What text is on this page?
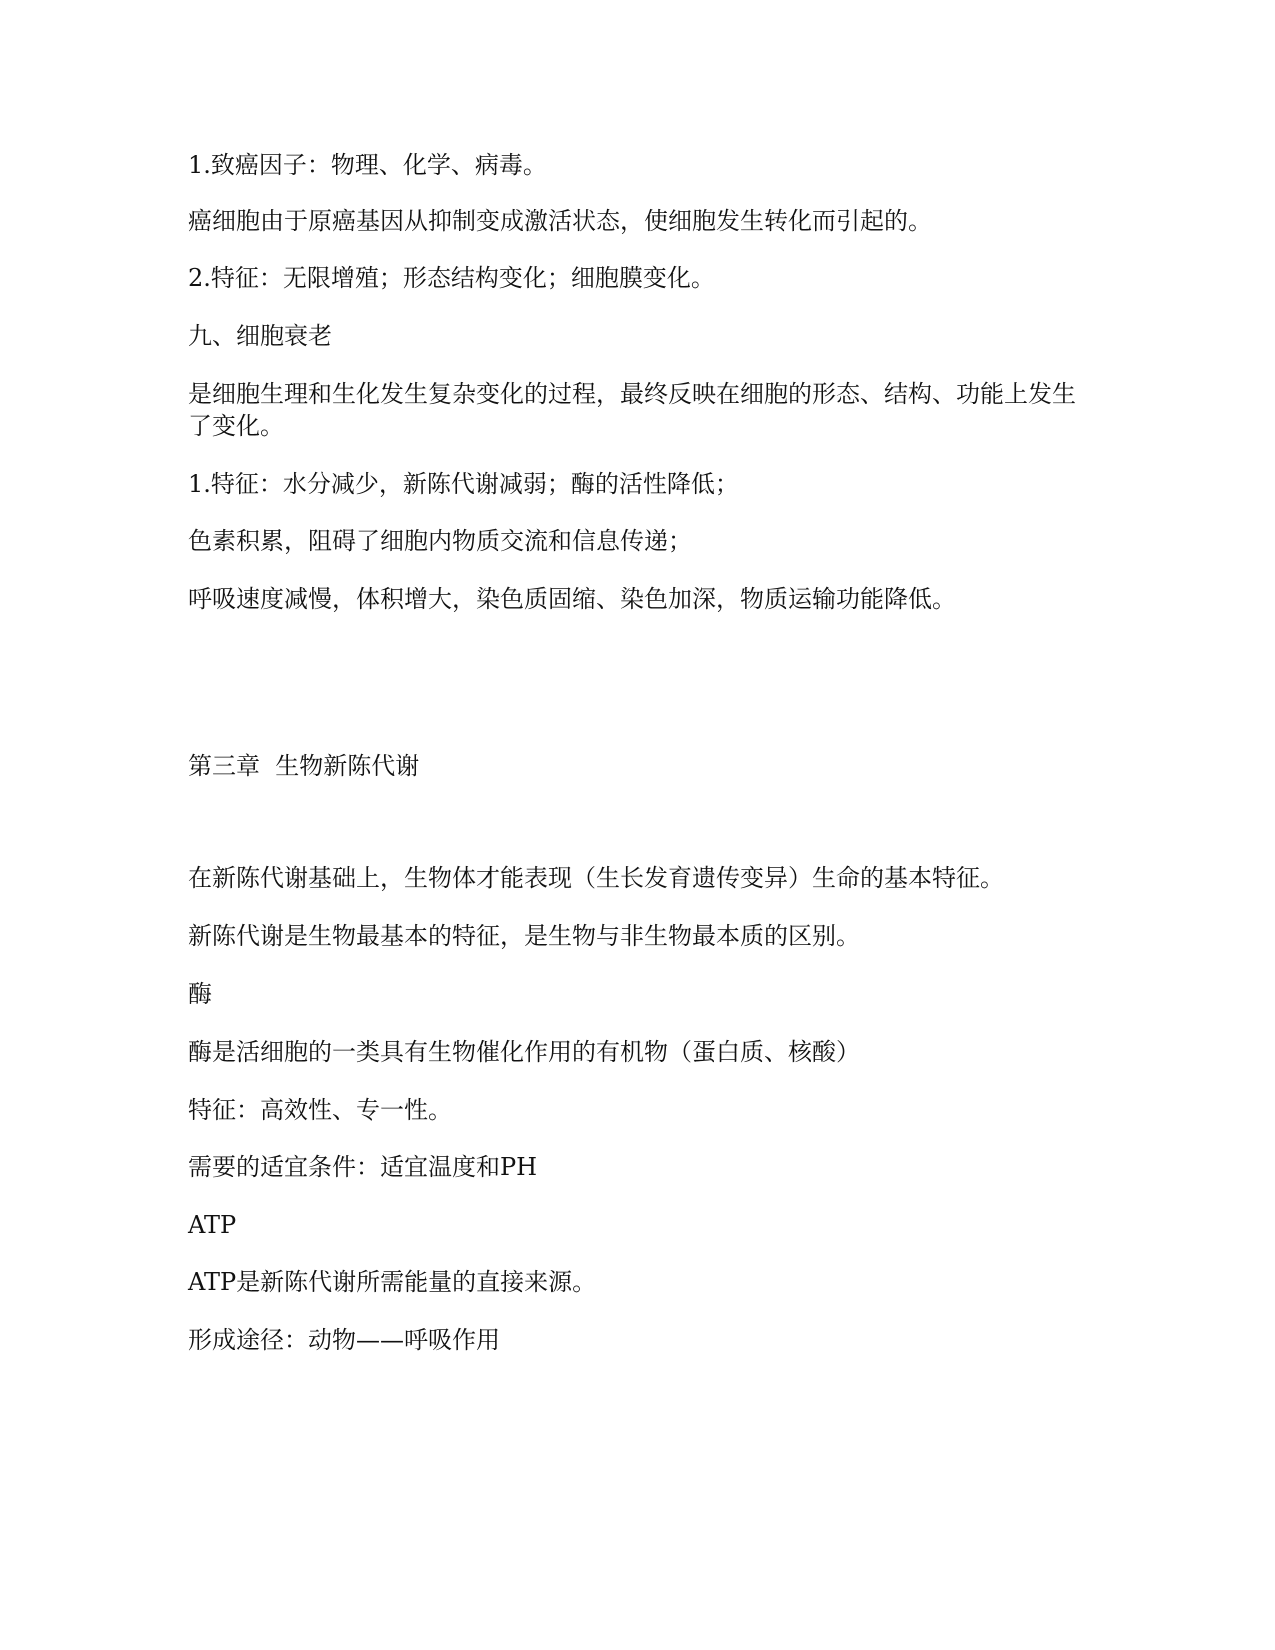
1.致癌因子：物理、化学、病毒。

癌细胞由于原癌基因从抑制变成激活状态，使细胞发生转化而引起的。

2.特征：无限增殖；形态结构变化；细胞膜变化。

九、细胞衰老

是细胞生理和生化发生复杂变化的过程，最终反映在细胞的形态、结构、功能上发生了变化。

1.特征：水分减少，新陈代谢减弱；酶的活性降低；

色素积累，阻碍了细胞内物质交流和信息传递；

呼吸速度减慢，体积增大，染色质固缩、染色加深，物质运输功能降低。

第三章  生物新陈代谢

在新陈代谢基础上，生物体才能表现（生长发育遗传变异）生命的基本特征。

新陈代谢是生物最基本的特征，是生物与非生物最本质的区别。

酶

酶是活细胞的一类具有生物催化作用的有机物（蛋白质、核酸）

特征：高效性、专一性。

需要的适宜条件：适宜温度和PH

ATP

ATP是新陈代谢所需能量的直接来源。

形成途径：动物——呼吸作用
